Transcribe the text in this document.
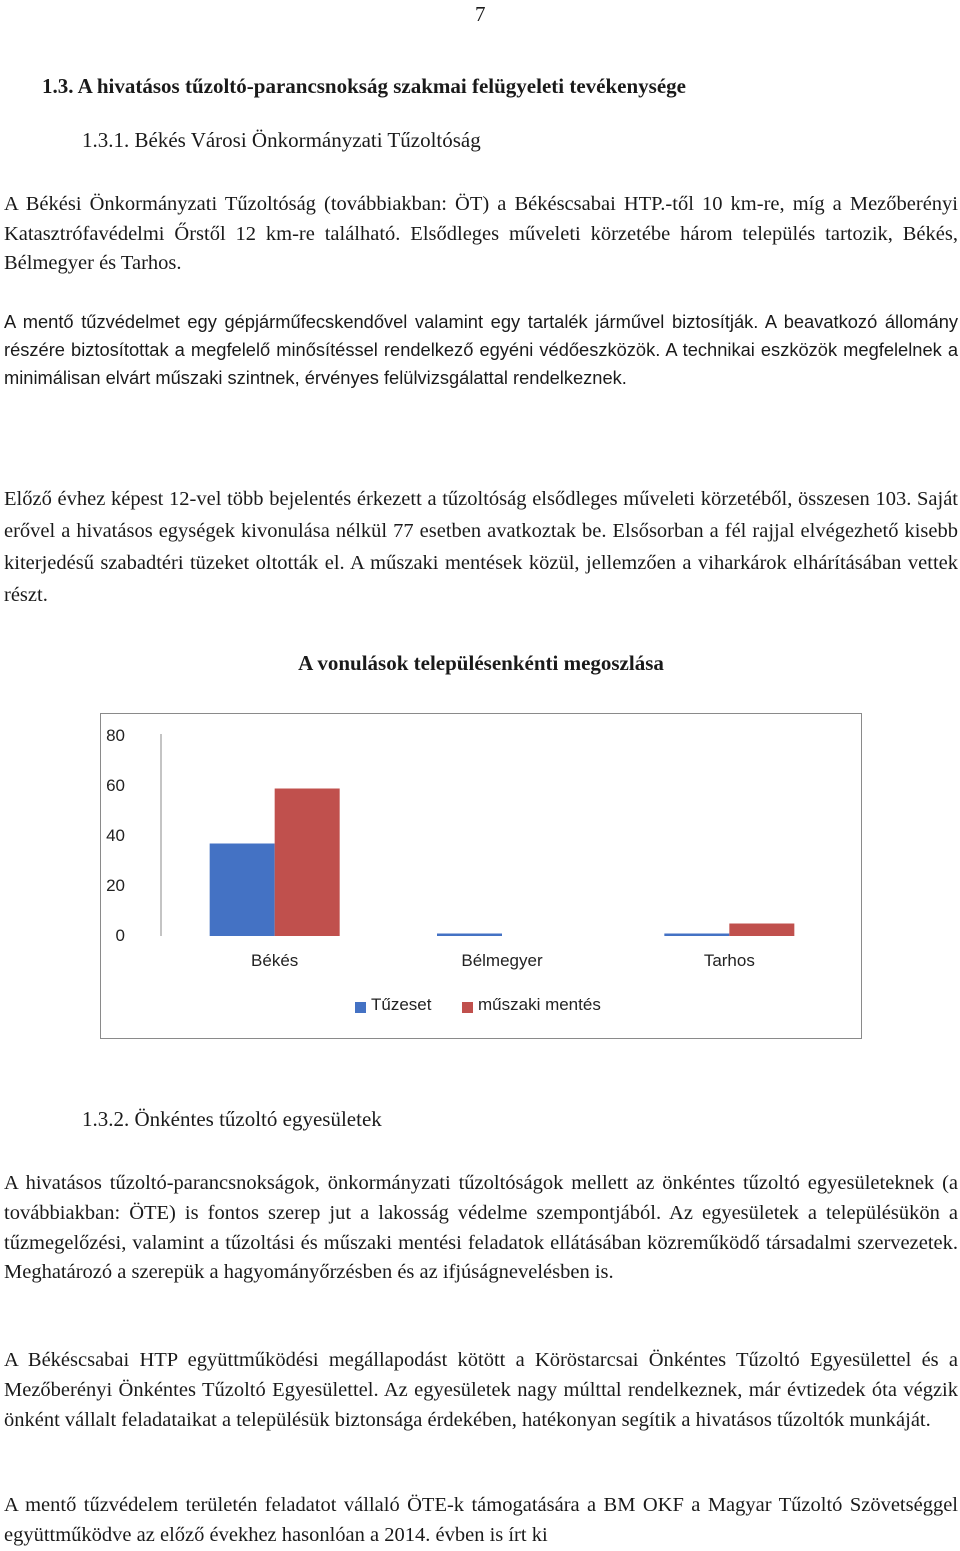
7
1.3. A hivatásos tűzoltó-parancsnokság szakmai felügyeleti tevékenysége
1.3.1. Békés Városi Önkormányzati Tűzoltóság
A Békési Önkormányzati Tűzoltóság (továbbiakban: ÖT) a Békéscsabai HTP.-től 10 km-re, míg a Mezőberényi Katasztrófavédelmi Őrstől 12 km-re található. Elsődleges műveleti körzetébe három település tartozik, Békés, Bélmegyer és Tarhos.
A mentő tűzvédelmet egy gépjárműfecskendővel valamint egy tartalék járművel biztosítják. A beavatkozó állomány részére biztosítottak a megfelelő minősítéssel rendelkező egyéni védőeszközök. A technikai eszközök megfelelnek a minimálisan elvárt műszaki szintnek, érvényes felülvizsgálattal rendelkeznek.
Előző évhez képest 12-vel több bejelentés érkezett a tűzoltóság elsődleges műveleti körzetéből, összesen 103. Saját erővel a hivatásos egységek kivonulása nélkül 77 esetben avatkoztak be. Elsősorban a fél rajjal elvégezhető kisebb kiterjedésű szabadtéri tüzeket oltották el. A műszaki mentések közül, jellemzően a viharkárok elhárításában vettek részt.
A vonulások településenkénti megoszlása
0
20
40
60
80
Békés	Bélmegyer	Tarhos
Tűzeset	műszaki mentés
1.3.2. Önkéntes tűzoltó egyesületek
A hivatásos tűzoltó-parancsnokságok, önkormányzati tűzoltóságok mellett az önkéntes tűzoltó egyesületeknek (a továbbiakban: ÖTE) is fontos szerep jut a lakosság védelme szempontjából. Az egyesületek a településükön a tűzmegelőzési, valamint a tűzoltási és műszaki mentési feladatok ellátásában közreműködő társadalmi szervezetek. Meghatározó a szerepük a hagyományőrzésben és az ifjúságnevelésben is.
A Békéscsabai HTP együttműködési megállapodást kötött a Köröstarcsai Önkéntes Tűzoltó Egyesülettel és a Mezőberényi Önkéntes Tűzoltó Egyesülettel. Az egyesületek nagy múlttal rendelkeznek, már évtizedek óta végzik önként vállalt feladataikat a településük biztonsága érdekében, hatékonyan segítik a hivatásos tűzoltók munkáját.
A mentő tűzvédelem területén feladatot vállaló ÖTE-k támogatására a BM OKF a Magyar Tűzoltó Szövetséggel együttműködve az előző évekhez hasonlóan a 2014. évben is írt ki
